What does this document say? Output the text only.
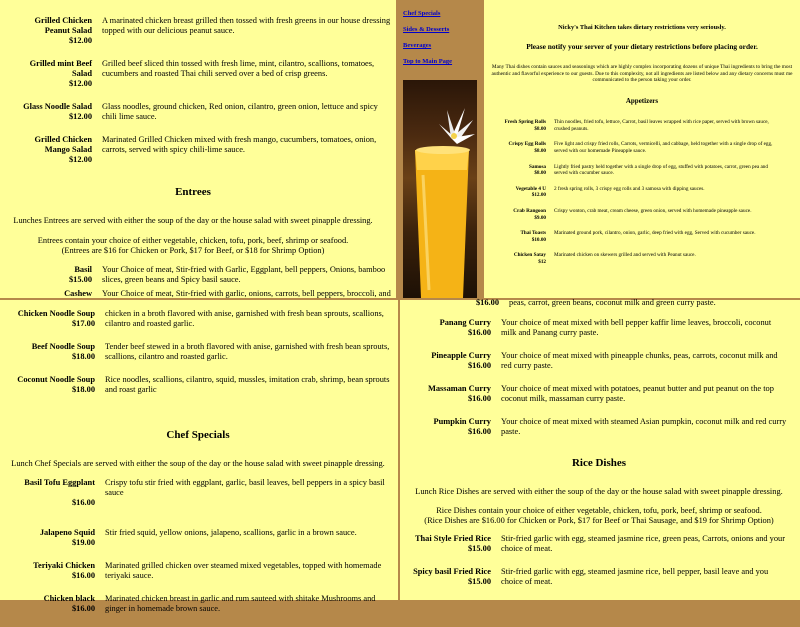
Grilled Chicken Peanut Salad
$12.00
A marinated chicken breast grilled then tossed with fresh greens in our house dressing topped with our delicious peanut sauce.
Grilled mint Beef Salad
$12.00
Grilled beef sliced thin tossed with fresh lime, mint, cilantro, scallions, tomatoes, cucumbers and roasted Thai chili served over a bed of crisp greens.
Glass Noodle Salad
$12.00
Glass noodles, ground chicken, Red onion, cilantro, green onion, lettuce and spicy chili lime sauce.
Grilled Chicken Mango Salad
$12.00
Marinated Grilled Chicken mixed with fresh mango, cucumbers, tomatoes, onion, carrots, served with spicy chili-lime sauce.
Entrees
Lunches Entrees are served with either the soup of the day or the house salad with sweet pinapple dressing.
Entrees contain your choice of either vegetable, chicken, tofu, pork, beef, shrimp or seafood.
(Entrees are $16 for Chicken or Pork, $17 for Beef, or $18 for Shrimp Option)
Basil
$15.00
Your Choice of meat, Stir-fried with Garlic, Eggplant, bell peppers, Onions, bamboo slices, green beans and Spicy basil sauce.
Cashew	Your Choice of meat, Stir-fried with garlic, onions, carrots, bell peppers, broccoli, and
Chef Specials
Sides & Desserts
Beverages
Top to Main Page
Nicky's Thai Kitchen takes dietary restrictions very seriously.
Please notify your server of your dietary restrictions before placing order.
Many Thai dishes contain sauces and seasonings which are highly complex incorporating dozens of unique Thai ingredients to bring the most authentic and flavorful experience to our guests. Due to this complexity, not all ingredients are listed below and any dietary concerns must me communicated to the person taking your order.
Appetizers
Fresh Spring Rolls
$8.00
Thin noodles, fried tofu, lettuce, Carrot, basil leaves wrapped with rice paper, served with brown sauce, crushed peanuts.
Crispy Egg Rolls
$8.00
Five light and crispy fried rolls, Carrots, vermicelli, and cabbage, held together with a single drop of egg, served with our homemade Pineapple sauce.
Samosa
$8.00
Lightly fried pastry held together with a single drop of egg, stuffed with potatoes, carrot, green pea and served with cucumber sauce.
Vegetable 4 U
$12.00
2 fresh spring rolls, 3 crispy egg rolls and 3 samosa with dipping sauces.
Crab Rangoon
$9.00
Crispy wonton, crab meat, cream cheese, green onion, served with homemade pineapple sauce.
Thai Toasts
$10.00
Marinated ground pork, cilantro, onion, garlic, deep fried with egg, Served with cucumber sauce.
Chicken Satay
$12
Marinated chicken on skewers grilled and served with Peanut sauce.
Chicken Noodle Soup
$17.00
chicken in a broth flavored with anise, garnished with fresh bean sprouts, scallions, cilantro and roasted garlic.
Beef Noodle Soup
$18.00
Tender beef stewed in a broth flavored with anise, garnished with fresh bean sprouts, scallions, cilantro and roasted garlic.
Coconut Noodle Soup
$18.00
Rice noodles, scallions, cilantro, squid, mussles, imitation crab, shrimp, bean sprouts and roast garlic
Chef Specials
Lunch Chef Specials are served with either the soup of the day or the house salad with sweet pinapple dressing.
Basil Tofu Eggplant
$16.00
Crispy tofu stir fried with eggplant, garlic, basil leaves, bell peppers in a spicy basil sauce
Jalapeno Squid
$19.00
Stir fried squid, yellow onions, jalapeno, scallions, garlic in a brown sauce.
Teriyaki Chicken
$16.00
Marinated grilled chicken over steamed mixed vegetables, topped with homemade teriyaki sauce.
Chicken black
$16.00
Marinated chicken breast in garlic and rum sauteed with shitake Mushrooms and ginger in homemade brown sauce.
$16.00	peas, carrot, green beans, coconut milk and green curry paste.
Panang Curry
$16.00
Your choice of meat mixed with bell pepper kaffir lime leaves, broccoli, coconut milk and Panang curry paste.
Pineapple Curry
$16.00
Your choice of meat mixed with pineapple chunks, peas, carrots, coconut milk and red curry paste.
Massaman Curry
$16.00
Your choice of meat mixed with potatoes, peanut butter and put peanut on the top coconut milk, massaman curry paste.
Pumpkin Curry
$16.00
Your choice of meat mixed with steamed Asian pumpkin, coconut milk and red curry paste.
Rice Dishes
Lunch Rice Dishes are served with either the soup of the day or the house salad with sweet pinapple dressing.
Rice Dishes contain your choice of either vegetable, chicken, tofu, pork, beef, shrimp or seafood.
(Rice Dishes are $16.00 for Chicken or Pork, $17 for Beef or Thai Sausage, and $19 for Shrimp Option)
Thai Style Fried Rice
$15.00
Stir-fried garlic with egg, steamed jasmine rice, green peas, Carrots, onions and your choice of meat.
Spicy basil Fried Rice
$15.00
Stir-fried garlic with egg, steamed jasmine rice, bell pepper, basil leave and you choice of meat.
